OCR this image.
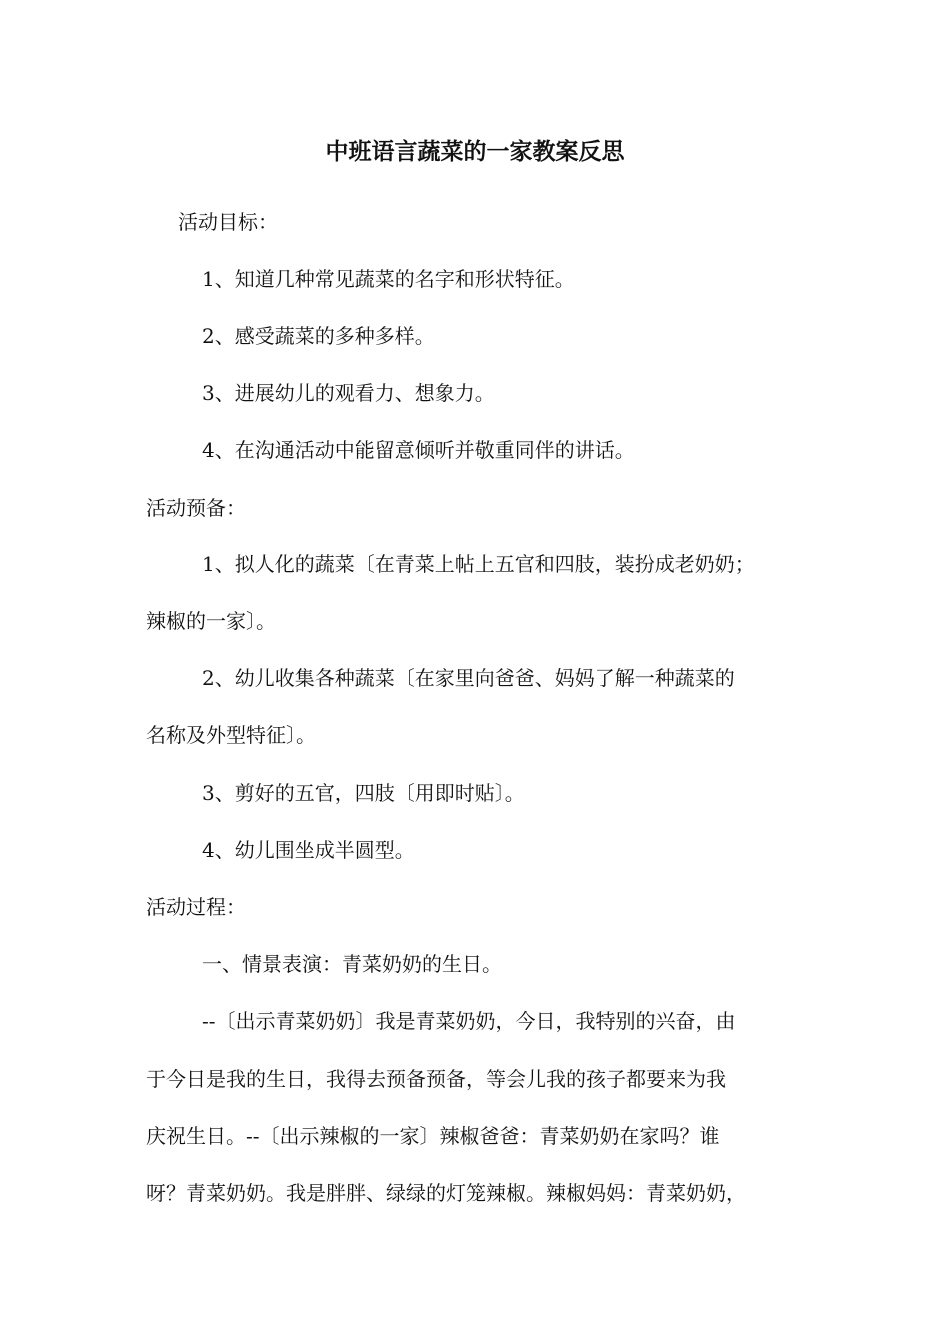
中班语言蔬菜的一家教案反思
活动目标：
1、知道几种常见蔬菜的名字和形状特征。
2、感受蔬菜的多种多样。
3、进展幼儿的观看力、想象力。
4、在沟通活动中能留意倾听并敬重同伴的讲话。
活动预备：
1、拟人化的蔬菜〔在青菜上帖上五官和四肢，装扮成老奶奶；
辣椒的一家〕。
2、幼儿收集各种蔬菜〔在家里向爸爸、妈妈了解一种蔬菜的
名称及外型特征〕。
3、剪好的五官，四肢〔用即时贴〕。
4、幼儿围坐成半圆型。
活动过程：
一、情景表演：青菜奶奶的生日。
--〔出示青菜奶奶〕我是青菜奶奶，今日，我特别的兴奋，由
于今日是我的生日，我得去预备预备，等会儿我的孩子都要来为我
庆祝生日。--〔出示辣椒的一家〕辣椒爸爸：青菜奶奶在家吗？谁
呀？青菜奶奶。我是胖胖、绿绿的灯笼辣椒。辣椒妈妈：青菜奶奶，
